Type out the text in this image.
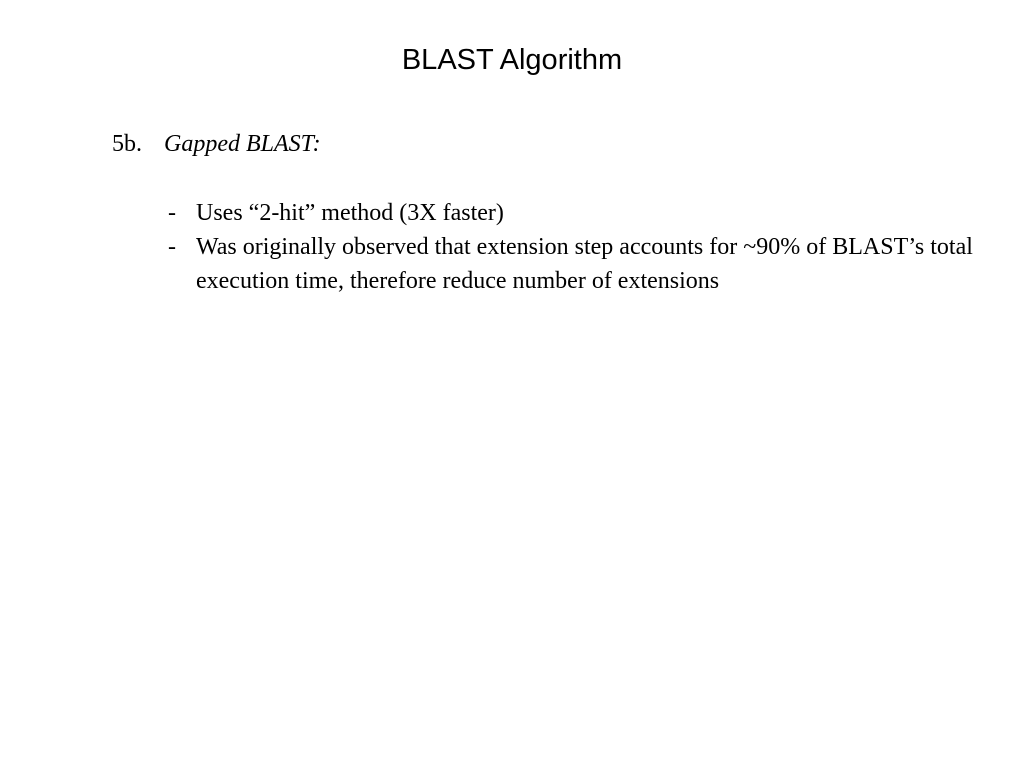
BLAST Algorithm
5b. Gapped BLAST:
- Uses “2-hit” method (3X faster)
- Was originally observed that extension step accounts for ~90% of BLAST’s total execution time, therefore reduce number of extensions
